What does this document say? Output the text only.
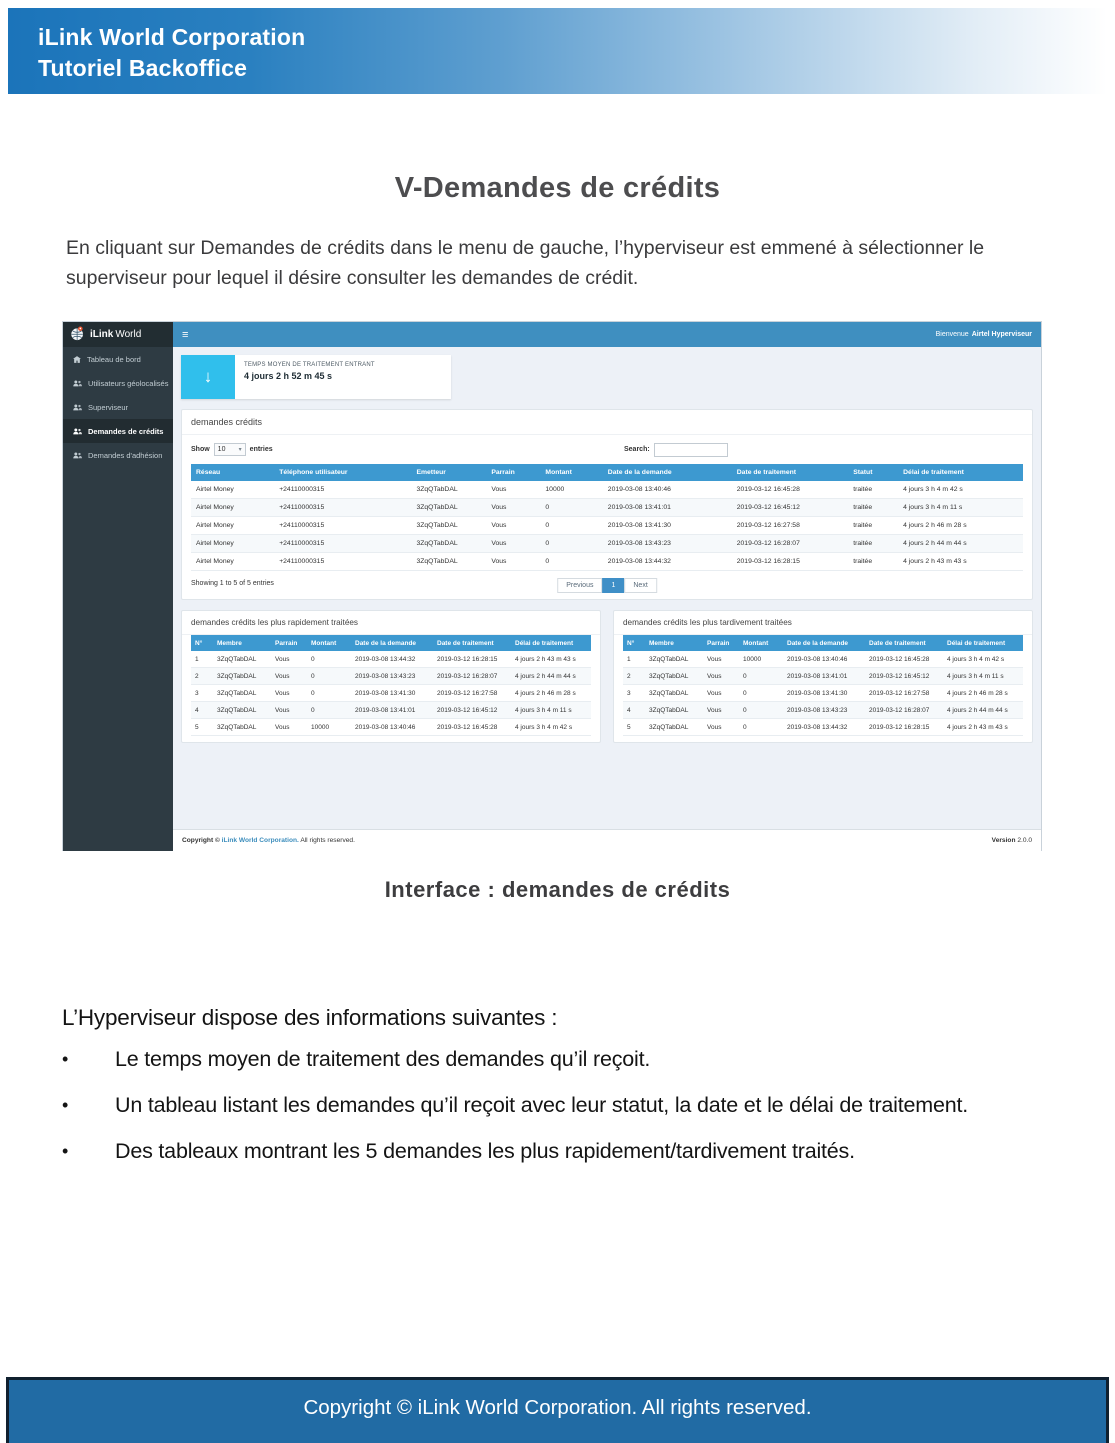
iLink World Corporation
Tutoriel Backoffice
V-Demandes de crédits

En cliquant sur Demandes de crédits dans le menu de gauche, l’hyperviseur est emmené à sélectionner le superviseur pour lequel il désire consulter les demandes de crédit.

iLink World	≡	Bienvenue Airtel Hyperviseur
Tableau de bord
Utilisateurs géolocalisés
Superviseur
Demandes de crédits
Demandes d'adhésion
↓
TEMPS MOYEN DE TRAITEMENT ENTRANT
4 jours 2 h 52 m 45 s
demandes crédits
Show 10 ▾ entries	Search:
Réseau	Téléphone utilisateur	Emetteur	Parrain	Montant	Date de la demande	Date de traitement	Statut	Délai de traitement
Airtel Money	+24110000315	3ZqQTabDAL	Vous	10000	2019-03-08 13:40:46	2019-03-12 16:45:28	traitée	4 jours 3 h 4 m 42 s
Airtel Money	+24110000315	3ZqQTabDAL	Vous	0	2019-03-08 13:41:01	2019-03-12 16:45:12	traitée	4 jours 3 h 4 m 11 s
Airtel Money	+24110000315	3ZqQTabDAL	Vous	0	2019-03-08 13:41:30	2019-03-12 16:27:58	traitée	4 jours 2 h 46 m 28 s
Airtel Money	+24110000315	3ZqQTabDAL	Vous	0	2019-03-08 13:43:23	2019-03-12 16:28:07	traitée	4 jours 2 h 44 m 44 s
Airtel Money	+24110000315	3ZqQTabDAL	Vous	0	2019-03-08 13:44:32	2019-03-12 16:28:15	traitée	4 jours 2 h 43 m 43 s
Showing 1 to 5 of 5 entries	Previous	1	Next
demandes crédits les plus rapidement traitées
N°	Membre	Parrain	Montant	Date de la demande	Date de traitement	Délai de traitement
1	3ZqQTabDAL	Vous	0	2019-03-08 13:44:32	2019-03-12 16:28:15	4 jours 2 h 43 m 43 s
2	3ZqQTabDAL	Vous	0	2019-03-08 13:43:23	2019-03-12 16:28:07	4 jours 2 h 44 m 44 s
3	3ZqQTabDAL	Vous	0	2019-03-08 13:41:30	2019-03-12 16:27:58	4 jours 2 h 46 m 28 s
4	3ZqQTabDAL	Vous	0	2019-03-08 13:41:01	2019-03-12 16:45:12	4 jours 3 h 4 m 11 s
5	3ZqQTabDAL	Vous	10000	2019-03-08 13:40:46	2019-03-12 16:45:28	4 jours 3 h 4 m 42 s
demandes crédits les plus tardivement traitées
N°	Membre	Parrain	Montant	Date de la demande	Date de traitement	Délai de traitement
1	3ZqQTabDAL	Vous	10000	2019-03-08 13:40:46	2019-03-12 16:45:28	4 jours 3 h 4 m 42 s
2	3ZqQTabDAL	Vous	0	2019-03-08 13:41:01	2019-03-12 16:45:12	4 jours 3 h 4 m 11 s
3	3ZqQTabDAL	Vous	0	2019-03-08 13:41:30	2019-03-12 16:27:58	4 jours 2 h 46 m 28 s
4	3ZqQTabDAL	Vous	0	2019-03-08 13:43:23	2019-03-12 16:28:07	4 jours 2 h 44 m 44 s
5	3ZqQTabDAL	Vous	0	2019-03-08 13:44:32	2019-03-12 16:28:15	4 jours 2 h 43 m 43 s
Copyright © iLink World Corporation. All rights reserved.	Version 2.0.0
Interface : demandes de crédits
L’Hyperviseur dispose des informations suivantes :
•	Le temps moyen de traitement des demandes qu’il reçoit.
•	Un tableau listant les demandes qu’il reçoit avec leur statut, la date et le délai de traitement.
•	Des tableaux montrant les 5 demandes les plus rapidement/tardivement traités.
Copyright © iLink World Corporation. All rights reserved.
